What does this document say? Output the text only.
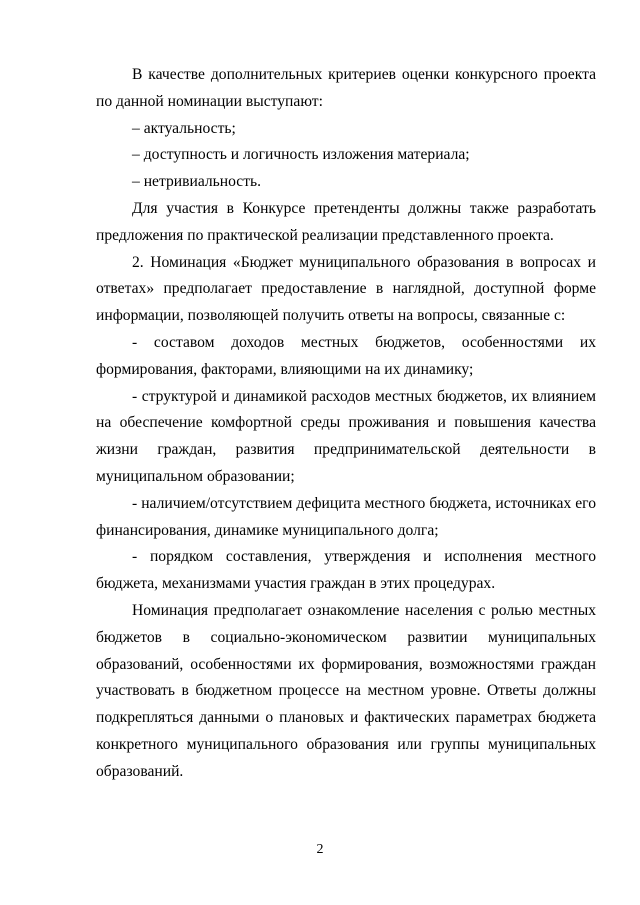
В качестве дополнительных критериев оценки конкурсного проекта по данной номинации выступают:

– актуальность;

– доступность и логичность изложения материала;

– нетривиальность.

Для участия в Конкурсе претенденты должны также разработать предложения по практической реализации представленного проекта.

2. Номинация «Бюджет муниципального образования в вопросах и ответах» предполагает предоставление в наглядной, доступной форме информации, позволяющей получить ответы на вопросы, связанные с:

- составом доходов местных бюджетов, особенностями их формирования, факторами, влияющими на их динамику;

- структурой и динамикой расходов местных бюджетов, их влиянием на обеспечение комфортной среды проживания и повышения качества жизни граждан, развития предпринимательской деятельности в муниципальном образовании;

- наличием/отсутствием дефицита местного бюджета, источниках его финансирования, динамике муниципального долга;

- порядком составления, утверждения и исполнения местного бюджета, механизмами участия граждан в этих процедурах.

Номинация предполагает ознакомление населения с ролью местных бюджетов в социально-экономическом развитии муниципальных образований, особенностями их формирования, возможностями граждан участвовать в бюджетном процессе на местном уровне. Ответы должны подкрепляться данными о плановых и фактических параметрах бюджета конкретного муниципального образования или группы муниципальных образований.

2
